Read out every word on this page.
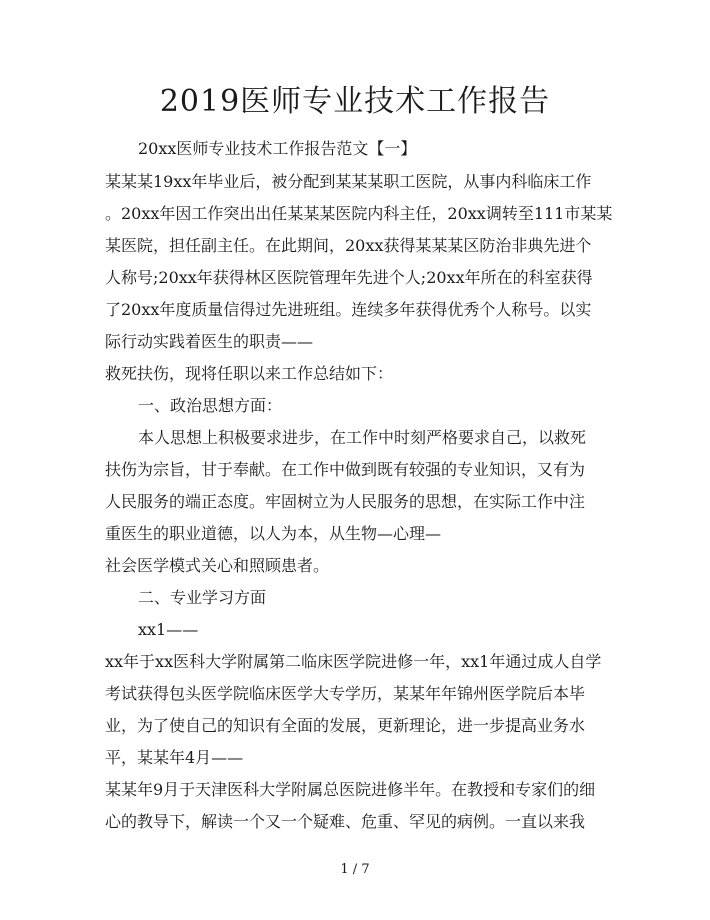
2019医师专业技术工作报告

20xx医师专业技术工作报告范文【一】

某某某19xx年毕业后，被分配到某某某职工医院，从事内科临床工作

。20xx年因工作突出出任某某某医院内科主任，20xx调转至111市某某

某医院，担任副主任。在此期间，20xx获得某某某区防治非典先进个

人称号;20xx年获得林区医院管理年先进个人;20xx年所在的科室获得

了20xx年度质量信得过先进班组。连续多年获得优秀个人称号。以实

际行动实践着医生的职责——

救死扶伤，现将任职以来工作总结如下：

一、政治思想方面：

本人思想上积极要求进步，在工作中时刻严格要求自己，以救死

扶伤为宗旨，甘于奉献。在工作中做到既有较强的专业知识，又有为

人民服务的端正态度。牢固树立为人民服务的思想，在实际工作中注

重医生的职业道德，以人为本，从生物—心理—

社会医学模式关心和照顾患者。

二、专业学习方面

xx1——

xx年于xx医科大学附属第二临床医学院进修一年，xx1年通过成人自学

考试获得包头医学院临床医学大专学历，某某年年锦州医学院后本毕

业，为了使自己的知识有全面的发展，更新理论，进一步提高业务水

平，某某年4月——

某某年9月于天津医科大学附属总医院进修半年。在教授和专家们的细

心的教导下，解读一个又一个疑难、危重、罕见的病例。一直以来我

1 / 7
